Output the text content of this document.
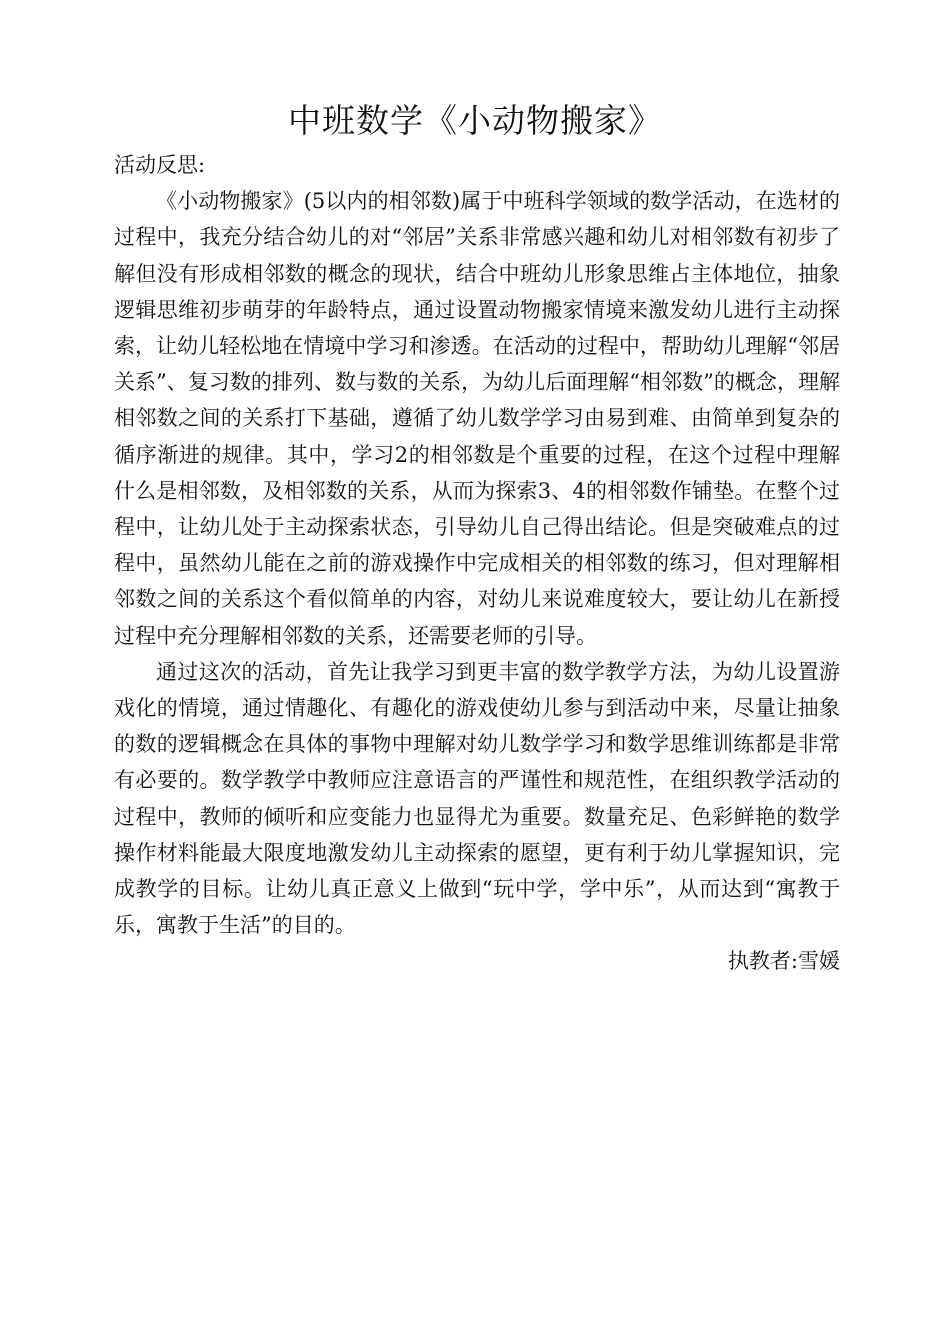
中班数学《小动物搬家》

活动反思:

《小动物搬家》(5以内的相邻数)属于中班科学领域的数学活动，在选材的过程中，我充分结合幼儿的对“邻居”关系非常感兴趣和幼儿对相邻数有初步了解但没有形成相邻数的概念的现状，结合中班幼儿形象思维占主体地位，抽象逻辑思维初步萌芽的年龄特点，通过设置动物搬家情境来激发幼儿进行主动探索，让幼儿轻松地在情境中学习和渗透。在活动的过程中，帮助幼儿理解“邻居关系”、复习数的排列、数与数的关系，为幼儿后面理解“相邻数”的概念，理解相邻数之间的关系打下基础，遵循了幼儿数学学习由易到难、由简单到复杂的循序渐进的规律。其中，学习2的相邻数是个重要的过程，在这个过程中理解什么是相邻数，及相邻数的关系，从而为探索3、4的相邻数作铺垫。在整个过程中，让幼儿处于主动探索状态，引导幼儿自己得出结论。但是突破难点的过程中，虽然幼儿能在之前的游戏操作中完成相关的相邻数的练习，但对理解相邻数之间的关系这个看似简单的内容，对幼儿来说难度较大，要让幼儿在新授过程中充分理解相邻数的关系，还需要老师的引导。

通过这次的活动，首先让我学习到更丰富的数学教学方法，为幼儿设置游戏化的情境，通过情趣化、有趣化的游戏使幼儿参与到活动中来，尽量让抽象的数的逻辑概念在具体的事物中理解对幼儿数学学习和数学思维训练都是非常有必要的。数学教学中教师应注意语言的严谨性和规范性，在组织教学活动的过程中，教师的倾听和应变能力也显得尤为重要。数量充足、色彩鲜艳的数学操作材料能最大限度地激发幼儿主动探索的愿望，更有利于幼儿掌握知识，完成教学的目标。让幼儿真正意义上做到“玩中学，学中乐”，从而达到“寓教于乐，寓教于生活”的目的。

执教者:雪媛
